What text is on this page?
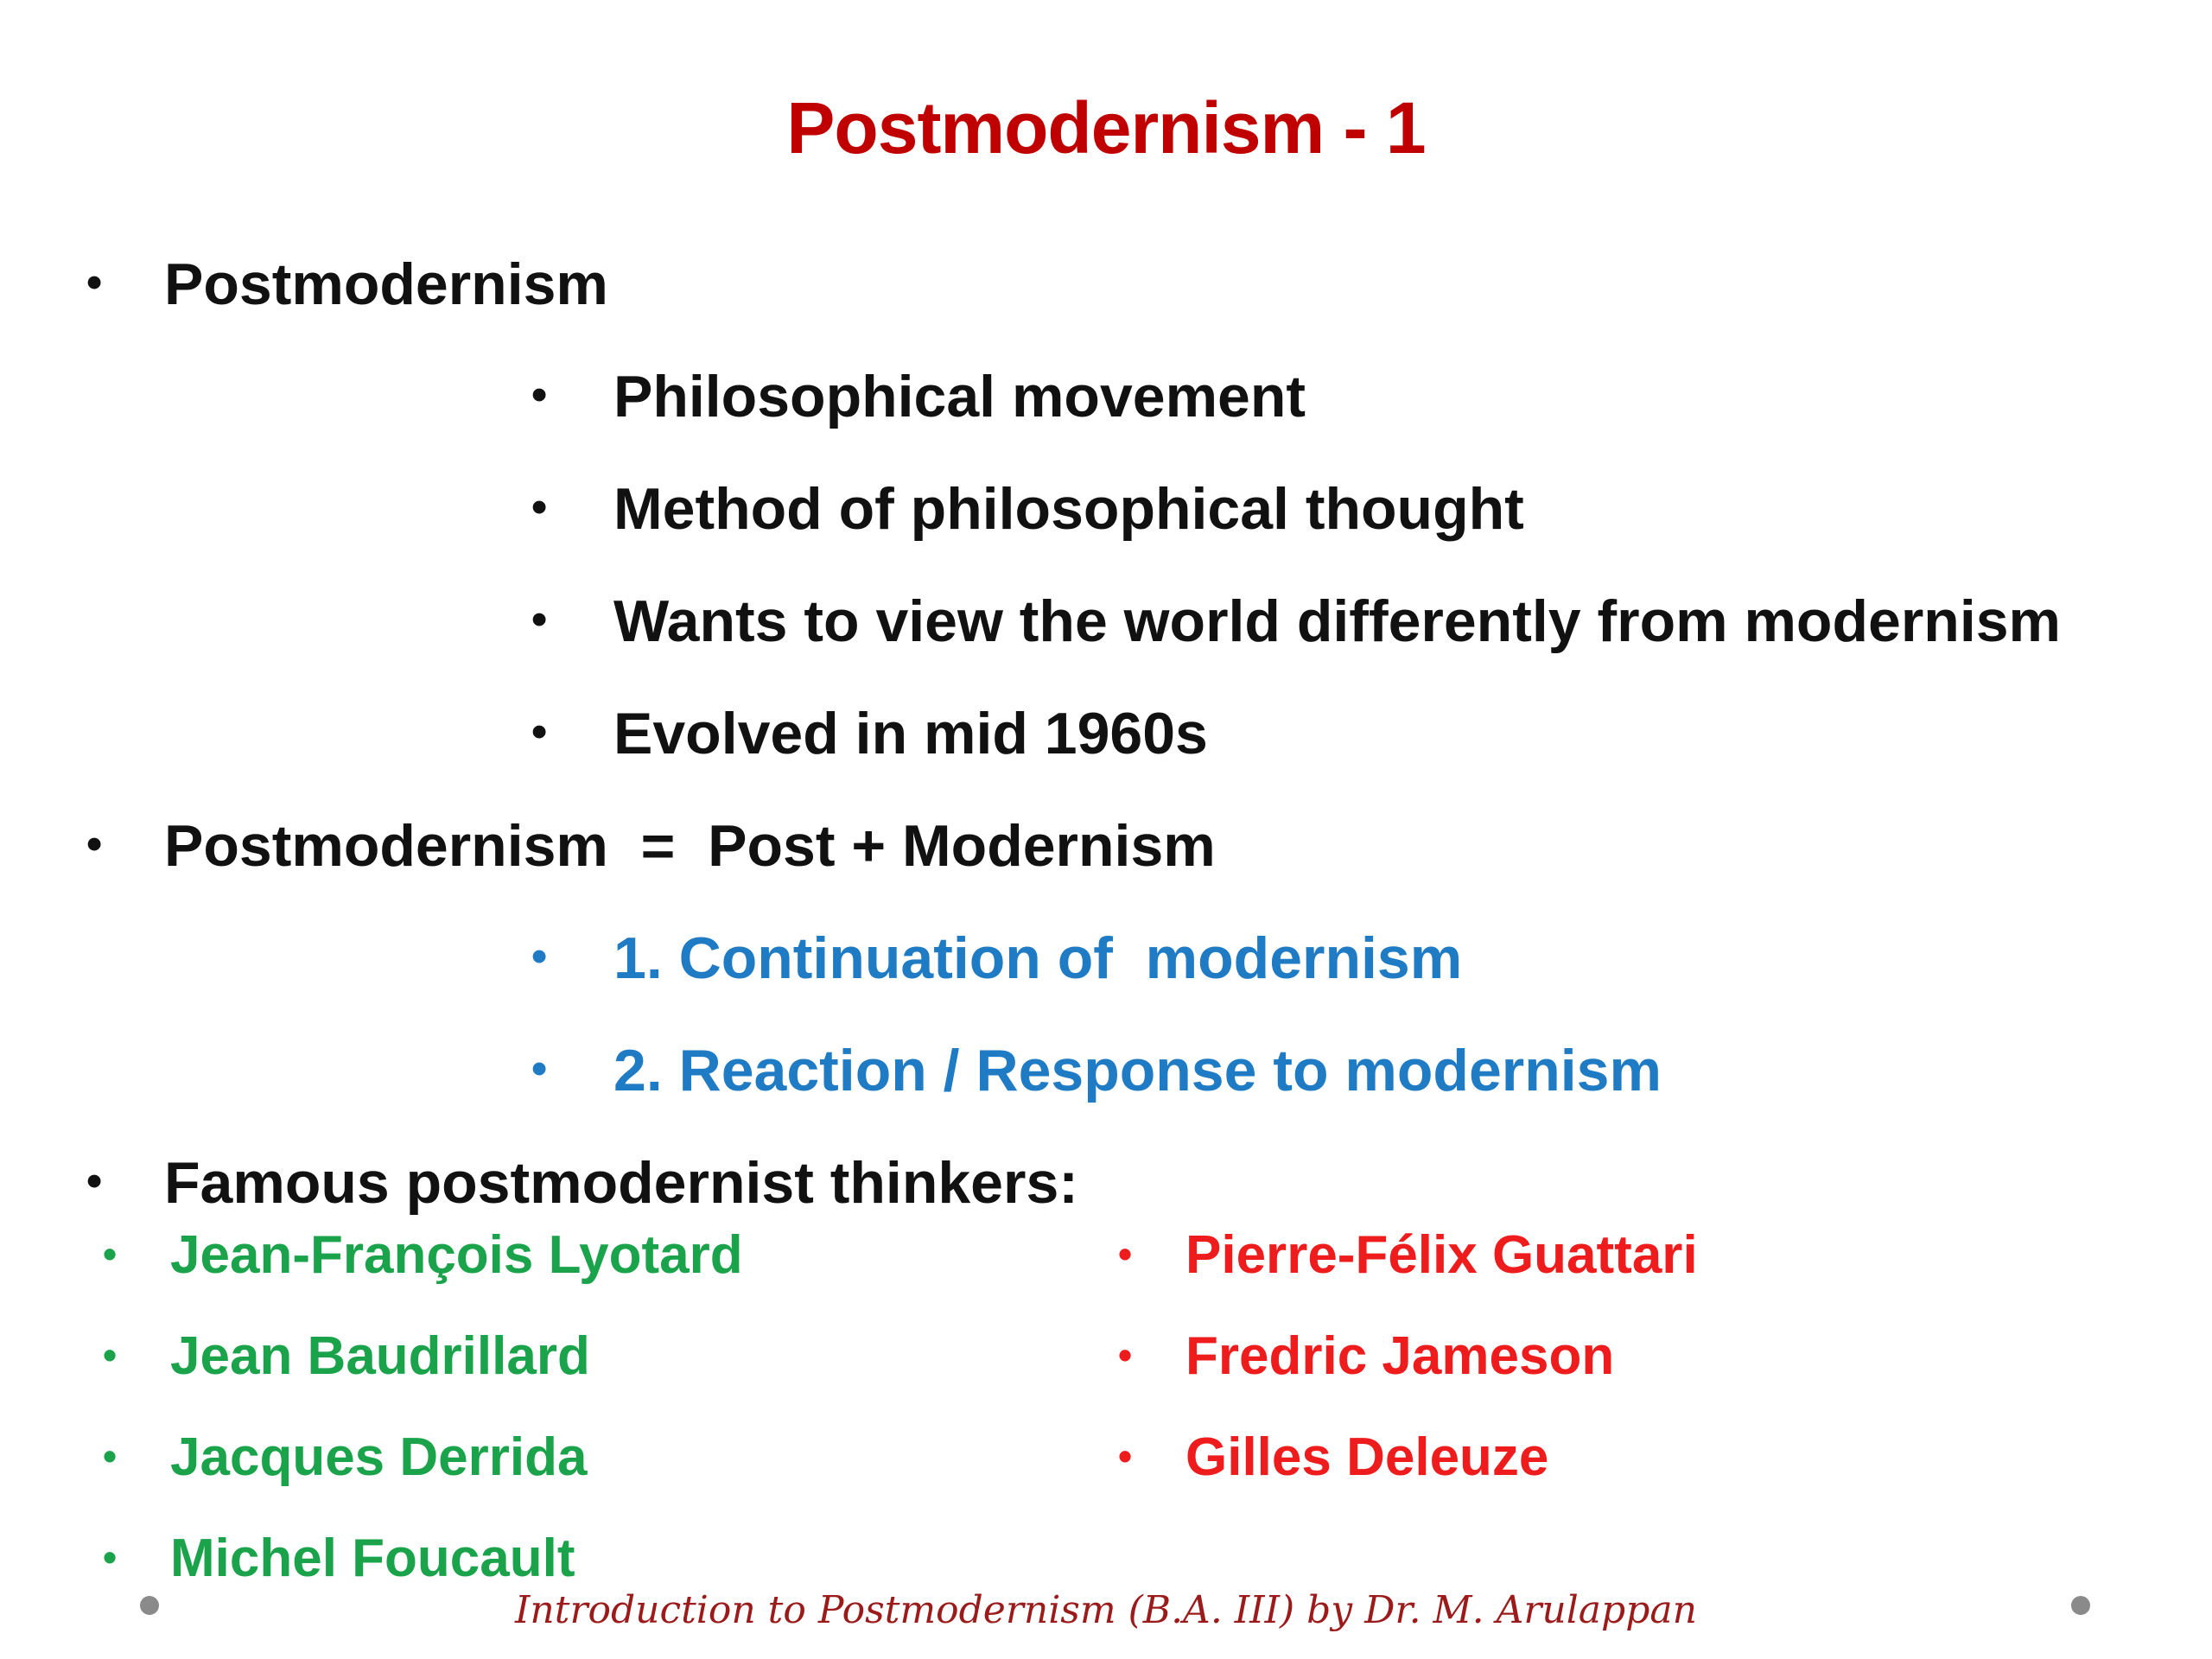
Postmodernism - 1
• Postmodernism
• Philosophical movement
• Method of philosophical thought
• Wants to view the world differently from modernism
• Evolved in mid 1960s
• Postmodernism  =  Post + Modernism
• 1. Continuation of  modernism
• 2. Reaction / Response to modernism
• Famous postmodernist thinkers:
• Jean-François Lyotard
• Jean Baudrillard
• Jacques Derrida
• Michel Foucault
• Pierre-Félix Guattari
• Fredric Jameson
• Gilles Deleuze
Introduction to Postmodernism (B.A. III) by Dr. M. Arulappan
